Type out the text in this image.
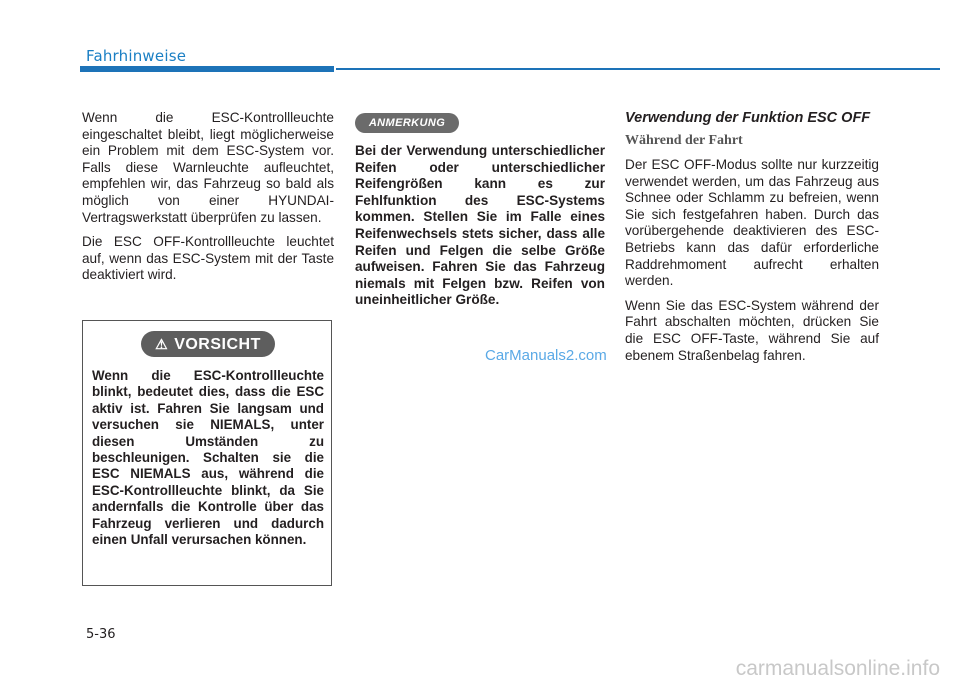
Fahrhinweise

Wenn die ESC-Kontrollleuchte eingeschaltet bleibt, liegt möglicherweise ein Problem mit dem ESC-System vor. Falls diese Warnleuchte aufleuchtet, empfehlen wir, das Fahrzeug so bald als möglich von einer HYUNDAI-Vertragswerkstatt überprüfen zu lassen.

Die ESC OFF-Kontrollleuchte leuchtet auf, wenn das ESC-System mit der Taste deaktiviert wird.

⚠ VORSICHT
Wenn die ESC-Kontrollleuchte blinkt, bedeutet dies, dass die ESC aktiv ist. Fahren Sie langsam und versuchen sie NIEMALS, unter diesen Umständen zu beschleunigen. Schalten sie die ESC NIEMALS aus, während die ESC-Kontrollleuchte blinkt, da Sie andernfalls die Kontrolle über das Fahrzeug verlieren und dadurch einen Unfall verursachen können.
ANMERKUNG
Bei der Verwendung unterschiedlicher Reifen oder unterschiedlicher Reifengrößen kann es zur Fehlfunktion des ESC-Systems kommen. Stellen Sie im Falle eines Reifenwechsels stets sicher, dass alle Reifen und Felgen die selbe Größe aufweisen. Fahren Sie das Fahrzeug niemals mit Felgen bzw. Reifen von uneinheitlicher Größe.
Verwendung der Funktion ESC OFF
Während der Fahrt

Der ESC OFF-Modus sollte nur kurzzeitig verwendet werden, um das Fahrzeug aus Schnee oder Schlamm zu befreien, wenn Sie sich festgefahren haben. Durch das vorübergehende deaktivieren des ESC-Betriebs kann das dafür erforderliche Raddrehmoment aufrecht erhalten werden.

Wenn Sie das ESC-System während der Fahrt abschalten möchten, drücken Sie die ESC OFF-Taste, während Sie auf ebenem Straßenbelag fahren.

CarManuals2.com
5-36
carmanualsonline.info
